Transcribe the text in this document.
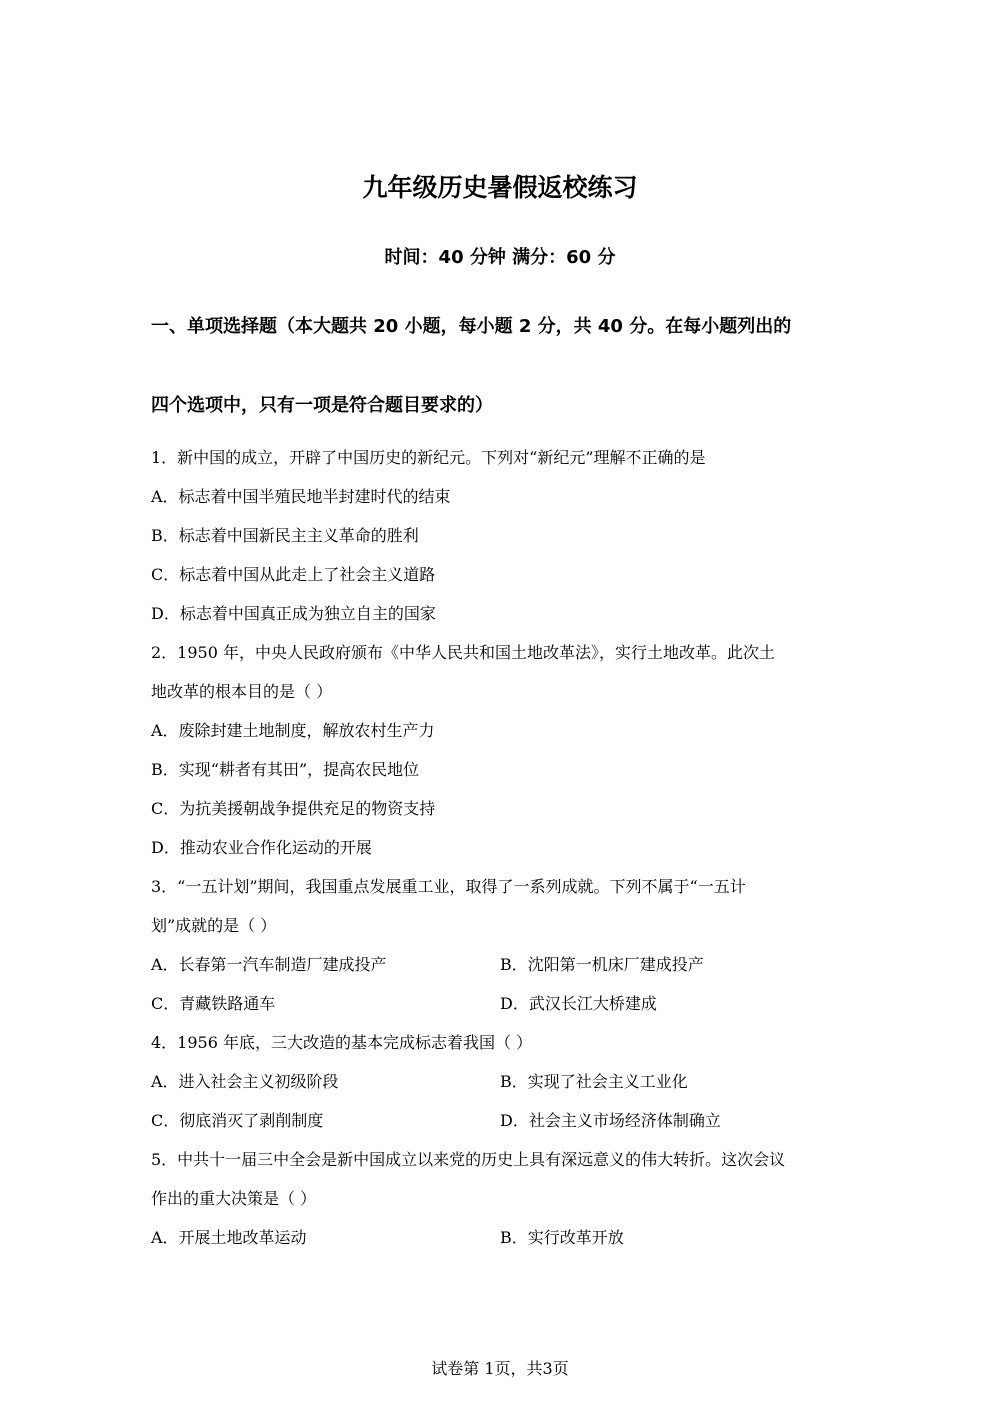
九年级历史暑假返校练习
时间：40 分钟 满分：60 分
一、单项选择题（本大题共 20 小题，每小题 2 分，共 40 分。在每小题列出的
四个选项中，只有一项是符合题目要求的）
1．新中国的成立，开辟了中国历史的新纪元。下列对“新纪元”理解不正确的是
A．标志着中国半殖民地半封建时代的结束
B．标志着中国新民主主义革命的胜利
C．标志着中国从此走上了社会主义道路
D．标志着中国真正成为独立自主的国家
2．1950 年，中央人民政府颁布《中华人民共和国土地改革法》，实行土地改革。此次土
地改革的根本目的是（ ）
A．废除封建土地制度，解放农村生产力
B．实现“耕者有其田”，提高农民地位
C．为抗美援朝战争提供充足的物资支持
D．推动农业合作化运动的开展
3．“一五计划”期间，我国重点发展重工业，取得了一系列成就。下列不属于“一五计
划”成就的是（ ）
A．长春第一汽车制造厂建成投产	B．沈阳第一机床厂建成投产
C．青藏铁路通车	D．武汉长江大桥建成
4．1956 年底，三大改造的基本完成标志着我国（ ）
A．进入社会主义初级阶段	B．实现了社会主义工业化
C．彻底消灭了剥削制度	D．社会主义市场经济体制确立
5．中共十一届三中全会是新中国成立以来党的历史上具有深远意义的伟大转折。这次会议
作出的重大决策是（ ）
A．开展土地改革运动	B．实行改革开放
试卷第 1页，共3页
